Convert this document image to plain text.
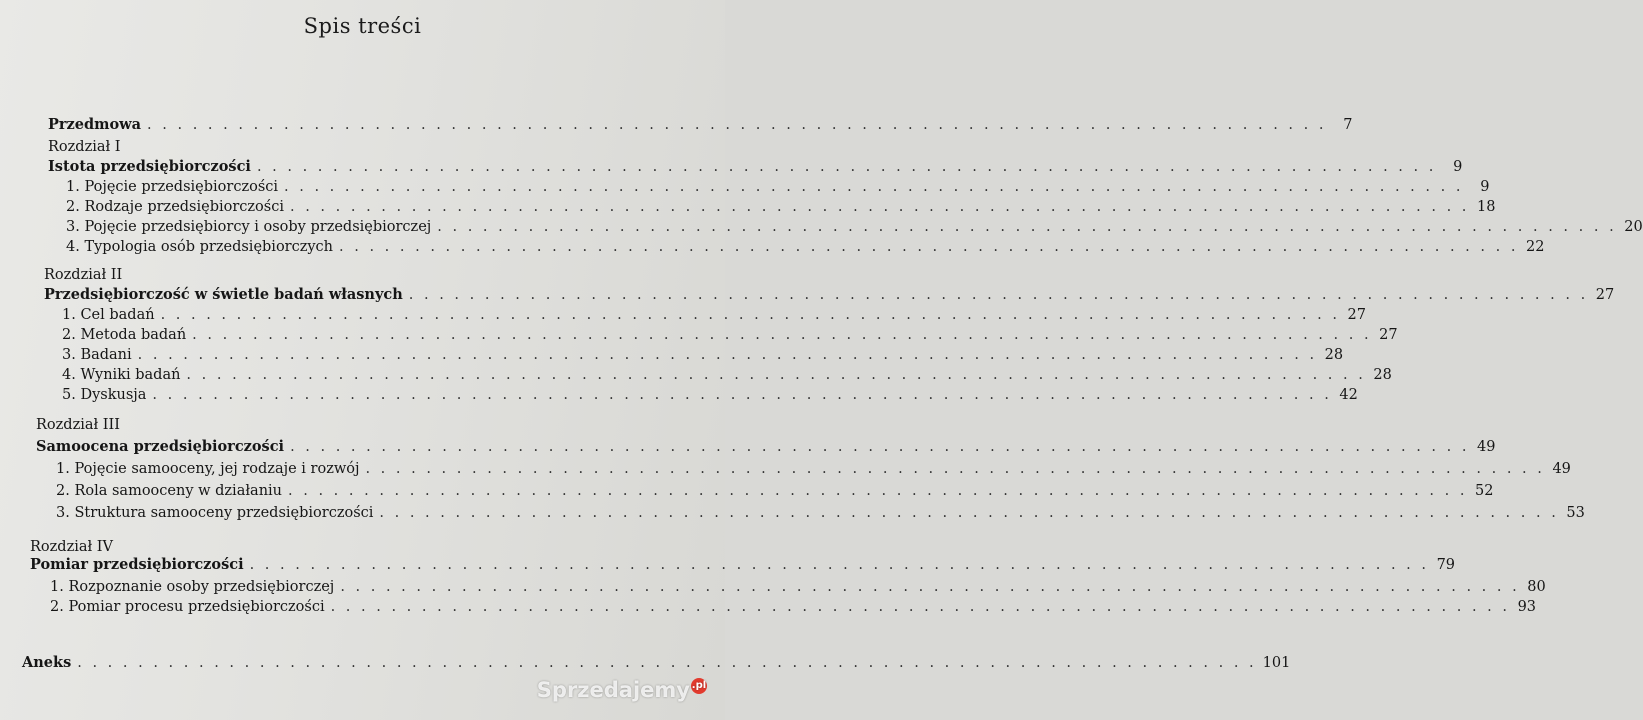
Spis treści
Przedmowa . . . . . . . . . . . . . . . . . . . . . . . . . . . . . . . . . . . . . . . . . . . . . . . . . . . . . . . . . . . . . . . . . . . . . . . . . . . . . .	7
Rozdział I
Istota przedsiębiorczości . . . . . . . . . . . . . . . . . . . . . . . . . . . . . . . . . . . . . . . . . . . . . . . . . . . . . . . . . . . . . . . . . . . . . . . . . . . . . .	9
1. Pojęcie przedsiębiorczości . . . . . . . . . . . . . . . . . . . . . . . . . . . . . . . . . . . . . . . . . . . . . . . . . . . . . . . . . . . . . . . . . . . . . . . . . . . . . .	9
2. Rodzaje przedsiębiorczości . . . . . . . . . . . . . . . . . . . . . . . . . . . . . . . . . . . . . . . . . . . . . . . . . . . . . . . . . . . . . . . . . . . . . . . . . . . . . . 18
3. Pojęcie przedsiębiorcy i osoby przedsiębiorczej . . . . . . . . . . . . . . . . . . . . . . . . . . . . . . . . . . . . . . . . . . . . . . . . . . . . . . . . . . . . . . . . . . . . . . . . . . . . . . 20
4. Typologia osób przedsiębiorczych . . . . . . . . . . . . . . . . . . . . . . . . . . . . . . . . . . . . . . . . . . . . . . . . . . . . . . . . . . . . . . . . . . . . . . . . . . . . . . 22
Rozdział II
Przedsiębiorczość w świetle badań własnych . . . . . . . . . . . . . . . . . . . . . . . . . . . . . . . . . . . . . . . . . . . . . . . . . . . . . . . . . . . . . . . . . . . . . . . . . . . . . . 27
1. Cel badań . . . . . . . . . . . . . . . . . . . . . . . . . . . . . . . . . . . . . . . . . . . . . . . . . . . . . . . . . . . . . . . . . . . . . . . . . . . . . . 27
2. Metoda badań . . . . . . . . . . . . . . . . . . . . . . . . . . . . . . . . . . . . . . . . . . . . . . . . . . . . . . . . . . . . . . . . . . . . . . . . . . . . . . 27
3. Badani . . . . . . . . . . . . . . . . . . . . . . . . . . . . . . . . . . . . . . . . . . . . . . . . . . . . . . . . . . . . . . . . . . . . . . . . . . . . . . 28
4. Wyniki badań . . . . . . . . . . . . . . . . . . . . . . . . . . . . . . . . . . . . . . . . . . . . . . . . . . . . . . . . . . . . . . . . . . . . . . . . . . . . . . 28
5. Dyskusja . . . . . . . . . . . . . . . . . . . . . . . . . . . . . . . . . . . . . . . . . . . . . . . . . . . . . . . . . . . . . . . . . . . . . . . . . . . . . . 42
Rozdział III
Samoocena przedsiębiorczości . . . . . . . . . . . . . . . . . . . . . . . . . . . . . . . . . . . . . . . . . . . . . . . . . . . . . . . . . . . . . . . . . . . . . . . . . . . . . . 49
1. Pojęcie samooceny, jej rodzaje i rozwój . . . . . . . . . . . . . . . . . . . . . . . . . . . . . . . . . . . . . . . . . . . . . . . . . . . . . . . . . . . . . . . . . . . . . . . . . . . . . . 49
2. Rola samooceny w działaniu . . . . . . . . . . . . . . . . . . . . . . . . . . . . . . . . . . . . . . . . . . . . . . . . . . . . . . . . . . . . . . . . . . . . . . . . . . . . . . 52
3. Struktura samooceny przedsiębiorczości . . . . . . . . . . . . . . . . . . . . . . . . . . . . . . . . . . . . . . . . . . . . . . . . . . . . . . . . . . . . . . . . . . . . . . . . . . . . . . 53
Rozdział IV
Pomiar przedsiębiorczości . . . . . . . . . . . . . . . . . . . . . . . . . . . . . . . . . . . . . . . . . . . . . . . . . . . . . . . . . . . . . . . . . . . . . . . . . . . . . . 79
1. Rozpoznanie osoby przedsiębiorczej . . . . . . . . . . . . . . . . . . . . . . . . . . . . . . . . . . . . . . . . . . . . . . . . . . . . . . . . . . . . . . . . . . . . . . . . . . . . . . 80
2. Pomiar procesu przedsiębiorczości . . . . . . . . . . . . . . . . . . . . . . . . . . . . . . . . . . . . . . . . . . . . . . . . . . . . . . . . . . . . . . . . . . . . . . . . . . . . . . 93
Aneks . . . . . . . . . . . . . . . . . . . . . . . . . . . . . . . . . . . . . . . . . . . . . . . . . . . . . . . . . . . . . . . . . . . . . . . . . . . . . . 101
Sprzedajemy .pl
